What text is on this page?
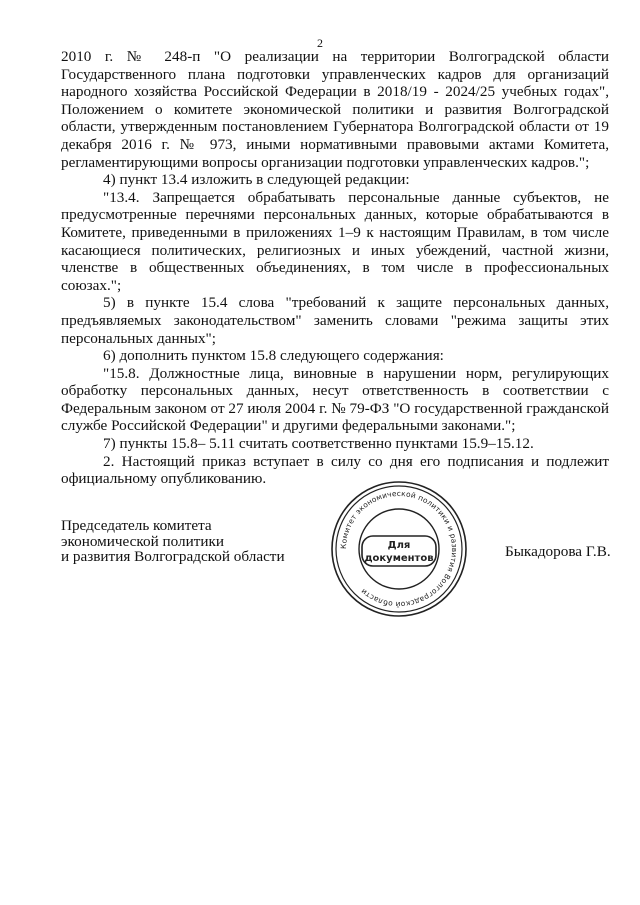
2

2010 г. № 248-п "О реализации на территории Волгоградской области Государственного плана подготовки управленческих кадров для организаций народного хозяйства Российской Федерации в 2018/19 - 2024/25 учебных годах", Положением о комитете экономической политики и развития Волгоградской области, утвержденным постановлением Губернатора Волгоградской области от 19 декабря 2016 г. № 973, иными нормативными правовыми актами Комитета, регламентирующими вопросы организации подготовки управленческих кадров.";

4) пункт 13.4 изложить в следующей редакции:

"13.4. Запрещается обрабатывать персональные данные субъектов, не предусмотренные перечнями персональных данных, которые обрабатываются в Комитете, приведенными в приложениях 1–9 к настоящим Правилам, в том числе касающиеся политических, религиозных и иных убеждений, частной жизни, членстве в общественных объединениях, в том числе в профессиональных союзах.";

5) в пункте 15.4 слова "требований к защите персональных данных, предъявляемых законодательством" заменить словами "режима защиты этих персональных данных";

6) дополнить пунктом 15.8 следующего содержания:

"15.8. Должностные лица, виновные в нарушении норм, регулирующих обработку персональных данных, несут ответственность в соответствии с Федеральным законом от 27 июля 2004 г. № 79-ФЗ "О государственной гражданской службе Российской Федерации" и другими федеральными законами.";

7) пункты 15.8– 5.11 считать соответственно пунктами 15.9–15.12.

2. Настоящий приказ вступает в силу со дня его подписания и подлежит официальному опубликованию.

Председатель комитета
экономической политики
и развития Волгоградской области
Комитет экономической политики и развития Волгоградской области
Для
документов	Быкадорова Г.В.
